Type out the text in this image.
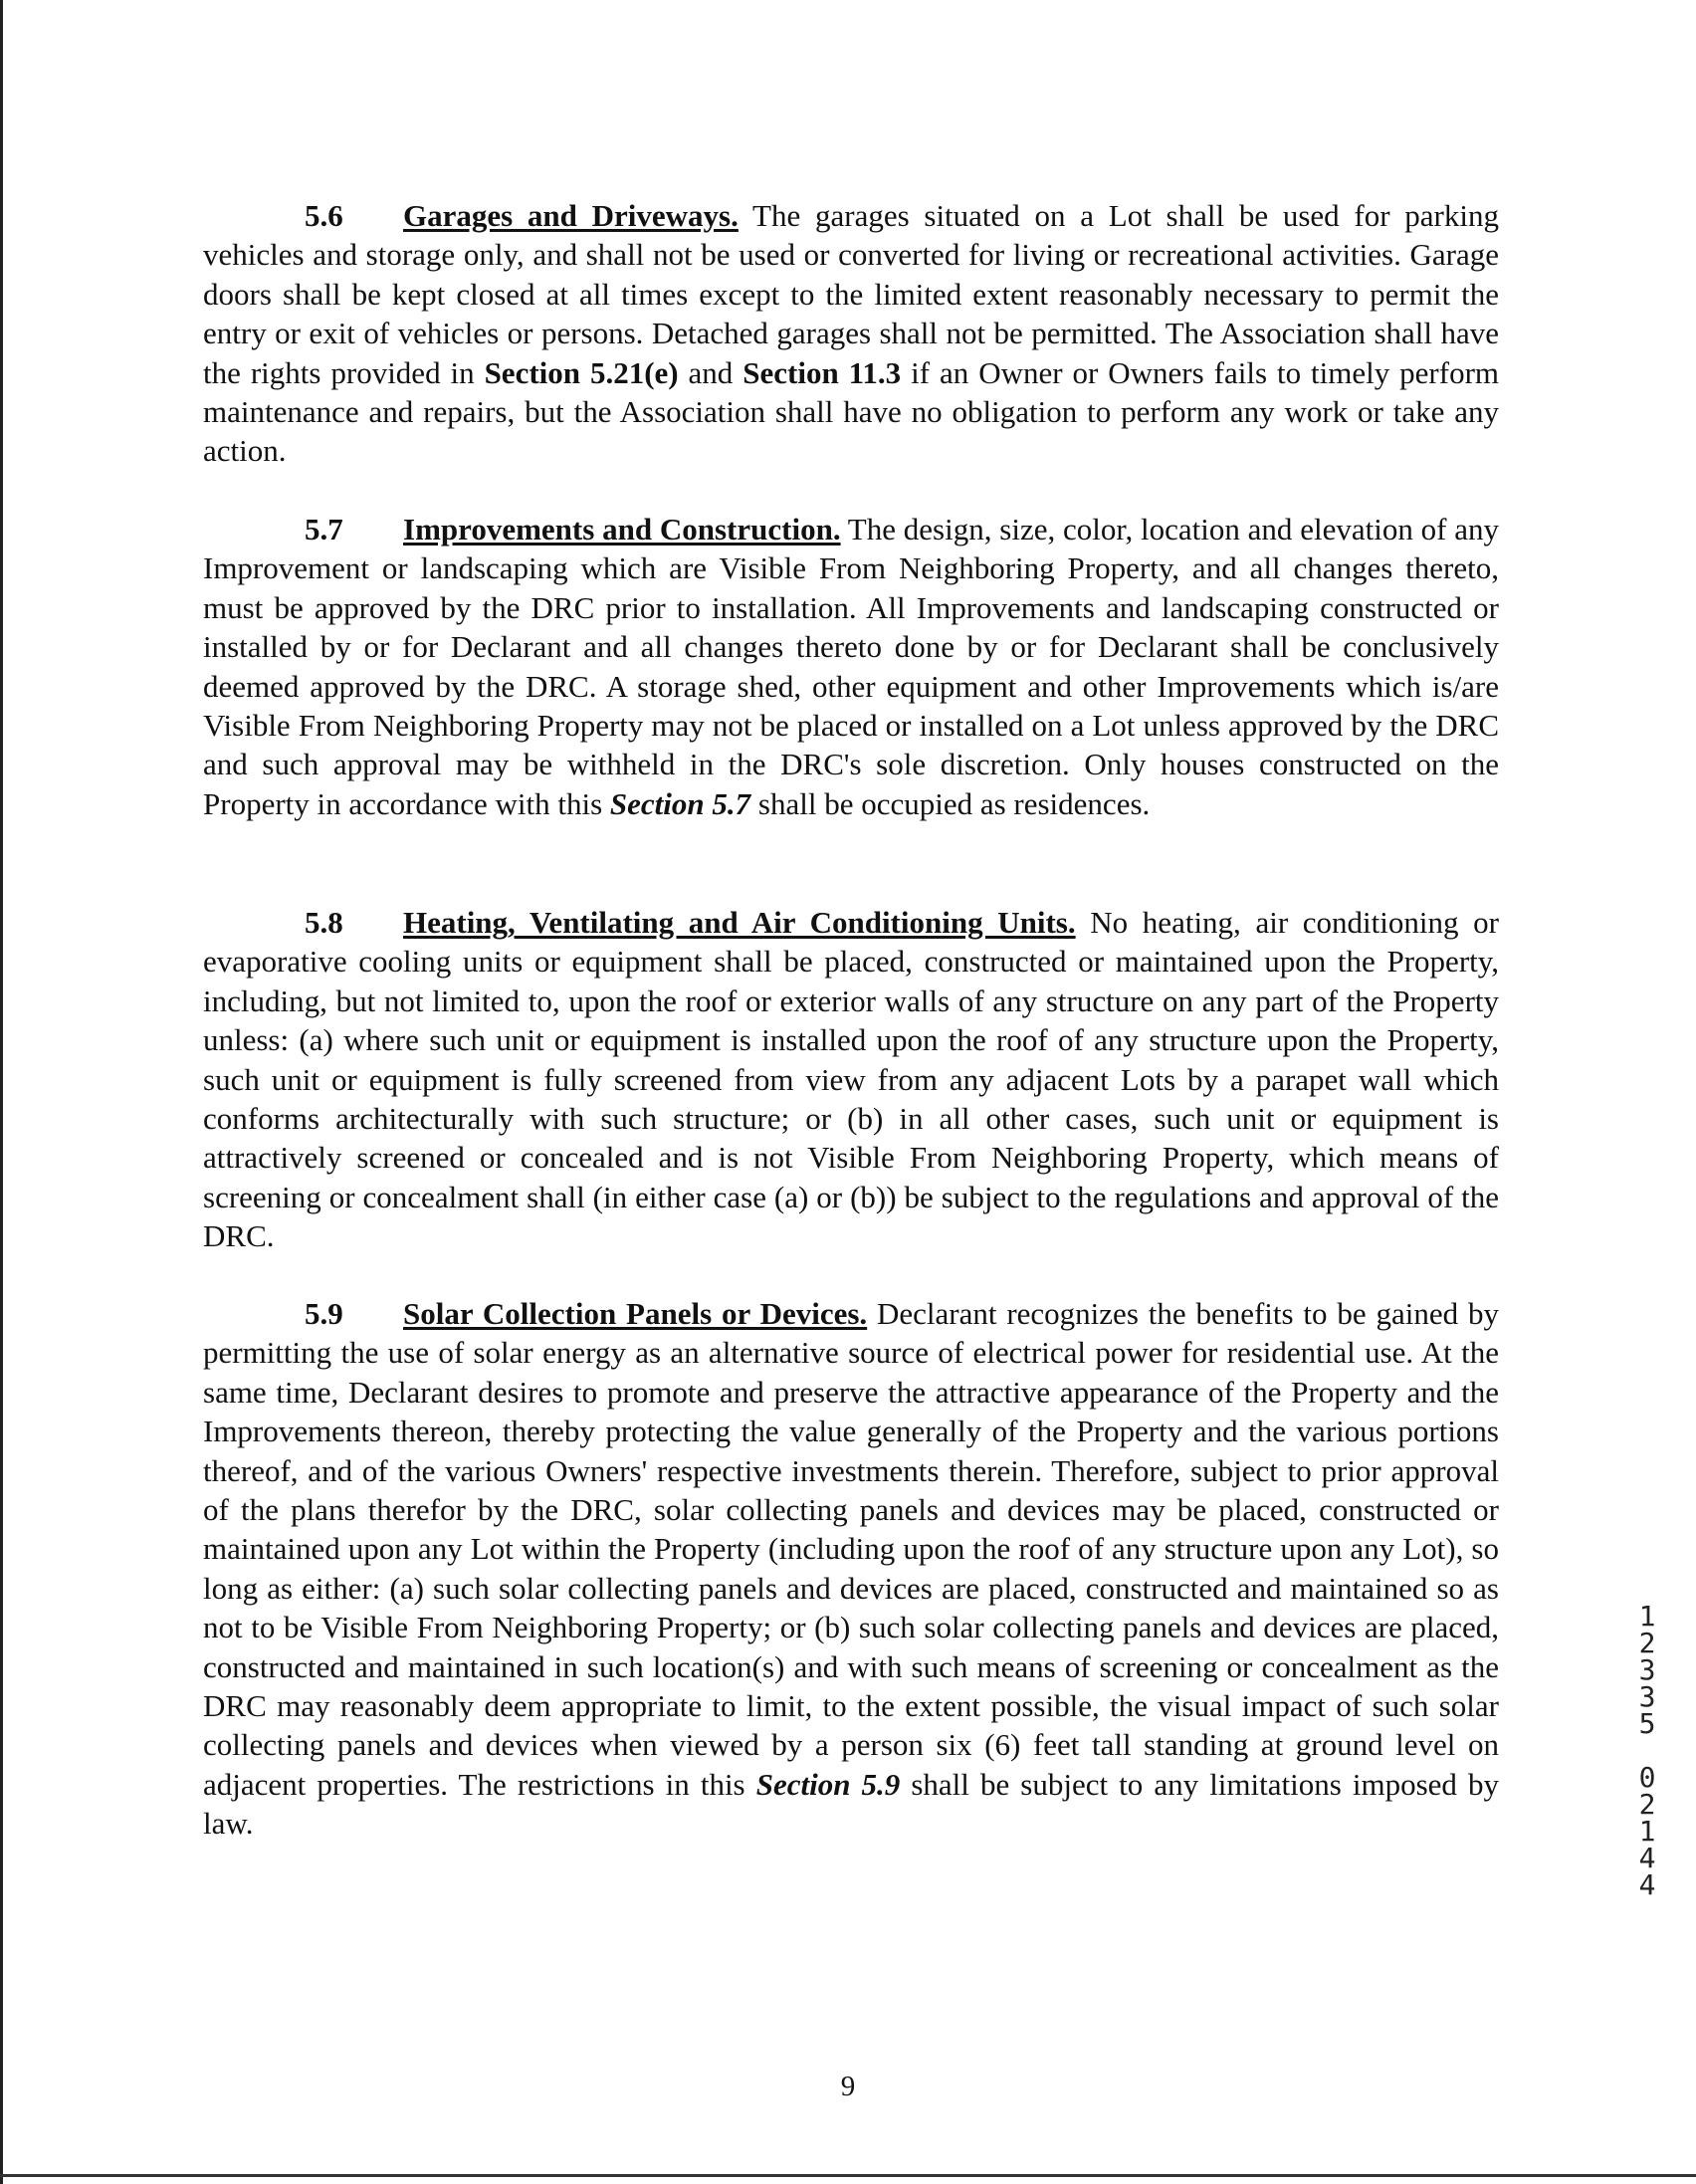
5.6 Garages and Driveways. The garages situated on a Lot shall be used for parking vehicles and storage only, and shall not be used or converted for living or recreational activities. Garage doors shall be kept closed at all times except to the limited extent reasonably necessary to permit the entry or exit of vehicles or persons. Detached garages shall not be permitted. The Association shall have the rights provided in Section 5.21(e) and Section 11.3 if an Owner or Owners fails to timely perform maintenance and repairs, but the Association shall have no obligation to perform any work or take any action.
5.7 Improvements and Construction. The design, size, color, location and elevation of any Improvement or landscaping which are Visible From Neighboring Property, and all changes thereto, must be approved by the DRC prior to installation. All Improvements and landscaping constructed or installed by or for Declarant and all changes thereto done by or for Declarant shall be conclusively deemed approved by the DRC. A storage shed, other equipment and other Improvements which is/are Visible From Neighboring Property may not be placed or installed on a Lot unless approved by the DRC and such approval may be withheld in the DRC's sole discretion. Only houses constructed on the Property in accordance with this Section 5.7 shall be occupied as residences.
5.8 Heating, Ventilating and Air Conditioning Units. No heating, air conditioning or evaporative cooling units or equipment shall be placed, constructed or maintained upon the Property, including, but not limited to, upon the roof or exterior walls of any structure on any part of the Property unless: (a) where such unit or equipment is installed upon the roof of any structure upon the Property, such unit or equipment is fully screened from view from any adjacent Lots by a parapet wall which conforms architecturally with such structure; or (b) in all other cases, such unit or equipment is attractively screened or concealed and is not Visible From Neighboring Property, which means of screening or concealment shall (in either case (a) or (b)) be subject to the regulations and approval of the DRC.
5.9 Solar Collection Panels or Devices. Declarant recognizes the benefits to be gained by permitting the use of solar energy as an alternative source of electrical power for residential use. At the same time, Declarant desires to promote and preserve the attractive appearance of the Property and the Improvements thereon, thereby protecting the value generally of the Property and the various portions thereof, and of the various Owners' respective investments therein. Therefore, subject to prior approval of the plans therefor by the DRC, solar collecting panels and devices may be placed, constructed or maintained upon any Lot within the Property (including upon the roof of any structure upon any Lot), so long as either: (a) such solar collecting panels and devices are placed, constructed and maintained so as not to be Visible From Neighboring Property; or (b) such solar collecting panels and devices are placed, constructed and maintained in such location(s) and with such means of screening or concealment as the DRC may reasonably deem appropriate to limit, to the extent possible, the visual impact of such solar collecting panels and devices when viewed by a person six (6) feet tall standing at ground level on adjacent properties. The restrictions in this Section 5.9 shall be subject to any limitations imposed by law.
1
2
3
3
5
0
2
1
4
4
9
